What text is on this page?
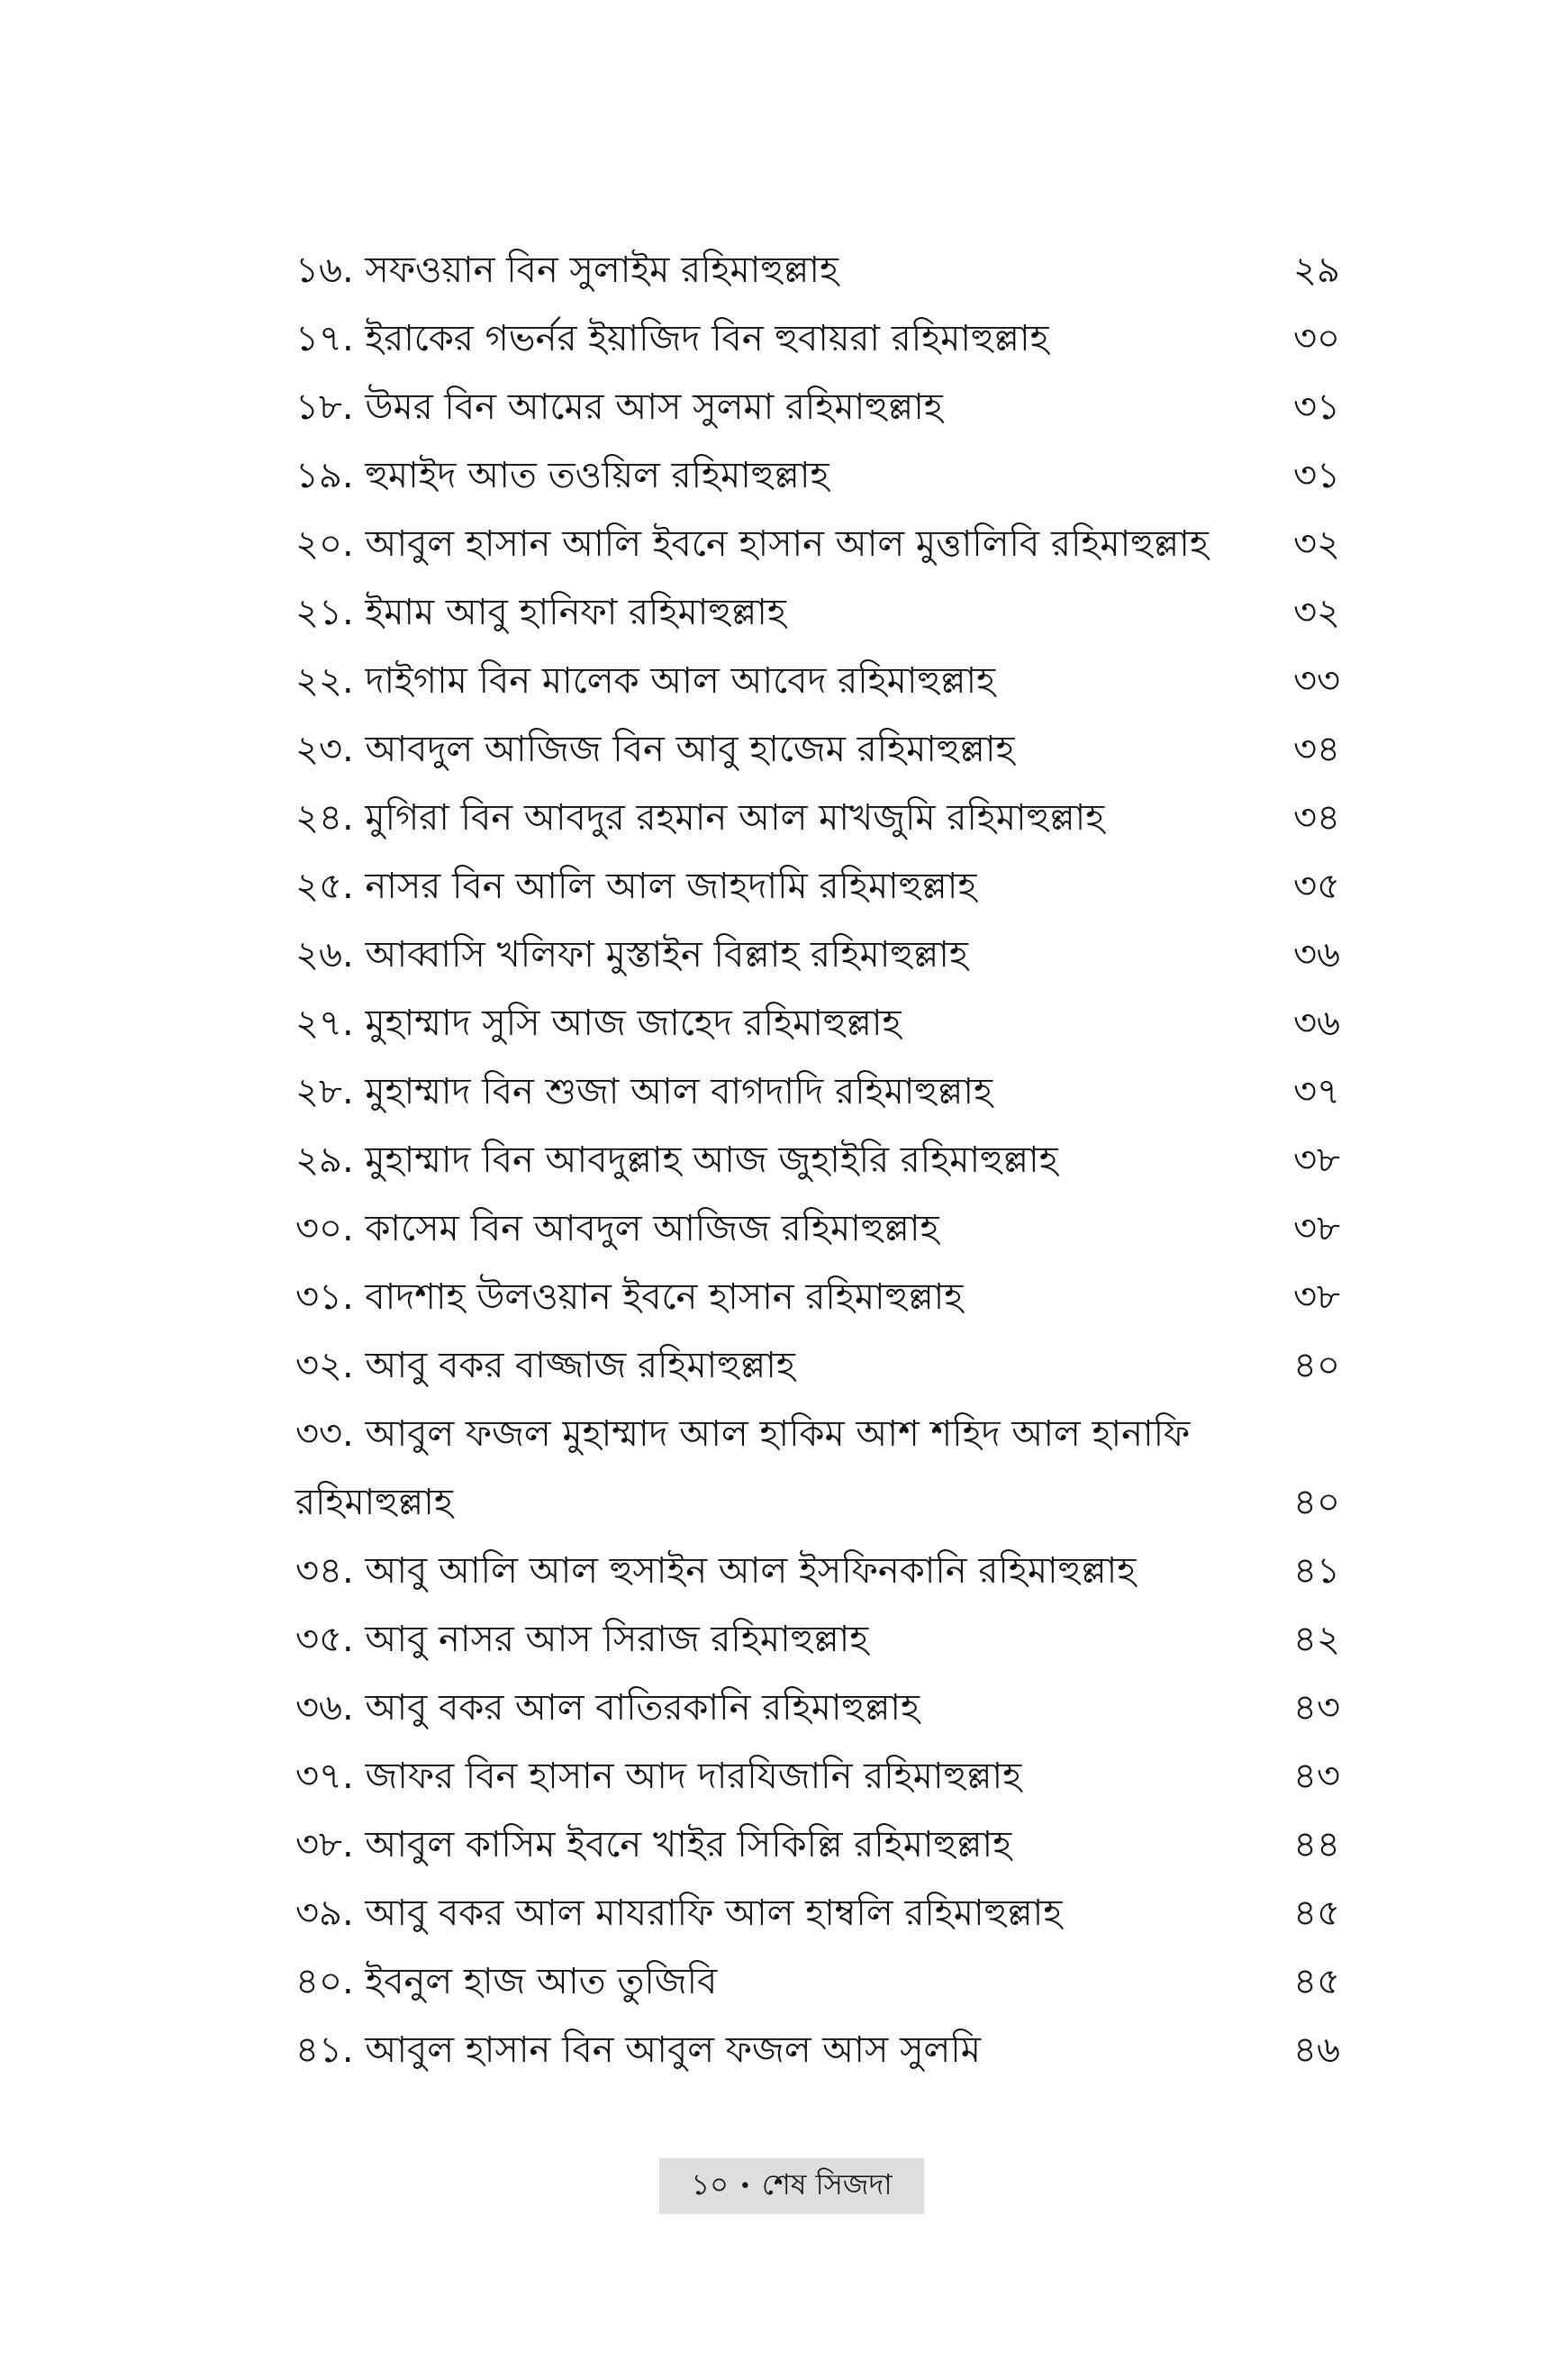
১৬. সফওয়ান বিন সুলাইম রহিমাহুল্লাহ	২৯
১৭. ইরাকের গভর্নর ইয়াজিদ বিন হুবায়রা রহিমাহুল্লাহ	৩০
১৮. উমর বিন আমের আস সুলমা রহিমাহুল্লাহ	৩১
১৯. হুমাইদ আত তওয়িল রহিমাহুল্লাহ	৩১
২০. আবুল হাসান আলি ইবনে হাসান আল মুত্তালিবি রহিমাহুল্লাহ	৩২
২১. ইমাম আবু হানিফা রহিমাহুল্লাহ	৩২
২২. দাইগাম বিন মালেক আল আবেদ রহিমাহুল্লাহ	৩৩
২৩. আবদুল আজিজ বিন আবু হাজেম রহিমাহুল্লাহ	৩৪
২৪. মুগিরা বিন আবদুর রহমান আল মাখজুমি রহিমাহুল্লাহ	৩৪
২৫. নাসর বিন আলি আল জাহদামি রহিমাহুল্লাহ	৩৫
২৬. আব্বাসি খলিফা মুস্তাইন বিল্লাহ রহিমাহুল্লাহ	৩৬
২৭. মুহাম্মাদ সুসি আজ জাহেদ রহিমাহুল্লাহ	৩৬
২৮. মুহাম্মাদ বিন শুজা আল বাগদাদি রহিমাহুল্লাহ	৩৭
২৯. মুহাম্মাদ বিন আবদুল্লাহ আজ জুহাইরি রহিমাহুল্লাহ	৩৮
৩০. কাসেম বিন আবদুল আজিজ রহিমাহুল্লাহ	৩৮
৩১. বাদশাহ উলওয়ান ইবনে হাসান রহিমাহুল্লাহ	৩৮
৩২. আবু বকর বাজ্জাজ রহিমাহুল্লাহ	৪০
৩৩. আবুল ফজল মুহাম্মাদ আল হাকিম আশ শহিদ আল হানাফি রহিমাহুল্লাহ	৪০
৩৪. আবু আলি আল হুসাইন আল ইসফিনকানি রহিমাহুল্লাহ	৪১
৩৫. আবু নাসর আস সিরাজ রহিমাহুল্লাহ	৪২
৩৬. আবু বকর আল বাতিরকানি রহিমাহুল্লাহ	৪৩
৩৭. জাফর বিন হাসান আদ দারযিজানি রহিমাহুল্লাহ	৪৩
৩৮. আবুল কাসিম ইবনে খাইর সিকিল্লি রহিমাহুল্লাহ	৪৪
৩৯. আবু বকর আল মাযরাফি আল হাম্বলি রহিমাহুল্লাহ	৪৫
৪০. ইবনুল হাজ আত তুজিবি	৪৫
৪১. আবুল হাসান বিন আবুল ফজল আস সুলমি	৪৬
১০ • শেষ সিজদা
